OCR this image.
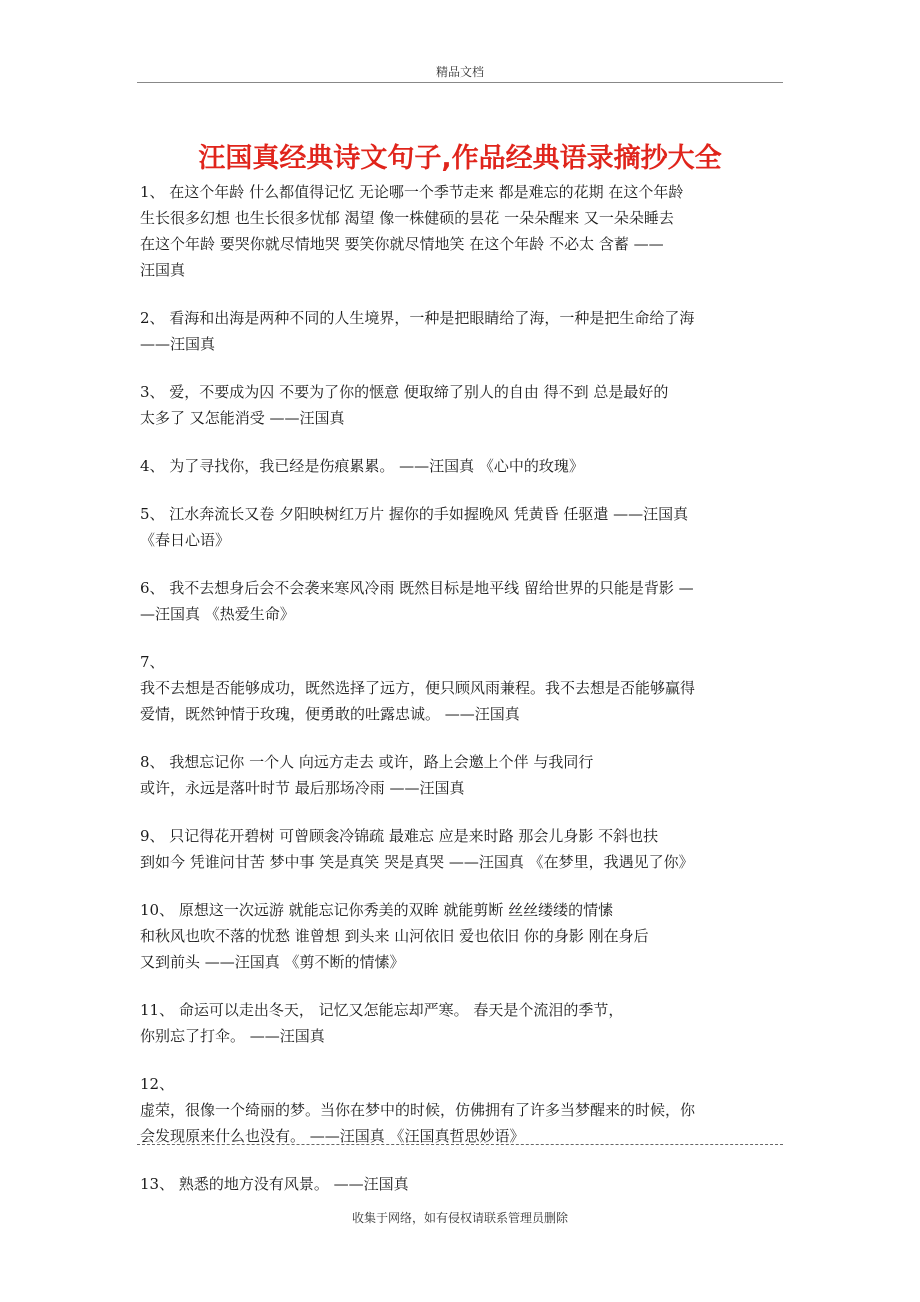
精品文档
汪国真经典诗文句子,作品经典语录摘抄大全
1、 在这个年龄 什么都值得记忆 无论哪一个季节走来 都是难忘的花期 在这个年龄
生长很多幻想 也生长很多忧郁 渴望 像一株健硕的昙花 一朵朵醒来 又一朵朵睡去
在这个年龄 要哭你就尽情地哭 要笑你就尽情地笑 在这个年龄 不必太 含蓄 ——
汪国真
2、 看海和出海是两种不同的人生境界，一种是把眼睛给了海，一种是把生命给了海
——汪国真
3、 爱，不要成为囚 不要为了你的惬意 便取缔了别人的自由 得不到 总是最好的
太多了 又怎能消受 ——汪国真
4、 为了寻找你，我已经是伤痕累累。 ——汪国真 《心中的玫瑰》
5、 江水奔流长又卷 夕阳映树红万片 握你的手如握晚风 凭黄昏 任驱遣 ——汪国真
《春日心语》
6、 我不去想身后会不会袭来寒风冷雨 既然目标是地平线 留给世界的只能是背影 —
—汪国真 《热爱生命》
7、
我不去想是否能够成功，既然选择了远方，便只顾风雨兼程。我不去想是否能够赢得
爱情，既然钟情于玫瑰，便勇敢的吐露忠诚。 ——汪国真
8、 我想忘记你 一个人 向远方走去 或许，路上会邀上个伴 与我同行
或许，永远是落叶时节 最后那场冷雨 ——汪国真
9、 只记得花开碧树 可曾顾衾冷锦疏 最难忘 应是来时路 那会儿身影 不斜也扶
到如今 凭谁问甘苦 梦中事 笑是真笑 哭是真哭 ——汪国真 《在梦里，我遇见了你》
10、 原想这一次远游 就能忘记你秀美的双眸 就能剪断 丝丝缕缕的情愫
和秋风也吹不落的忧愁 谁曾想 到头来 山河依旧 爱也依旧 你的身影 刚在身后
又到前头 ——汪国真 《剪不断的情愫》
11、 命运可以走出冬天， 记忆又怎能忘却严寒。 春天是个流泪的季节，
你别忘了打伞。 ——汪国真
12、
虚荣，很像一个绮丽的梦。当你在梦中的时候，仿佛拥有了许多当梦醒来的时候，你
会发现原来什么也没有。 ——汪国真 《汪国真哲思妙语》
13、 熟悉的地方没有风景。 ——汪国真
收集于网络，如有侵权请联系管理员删除
